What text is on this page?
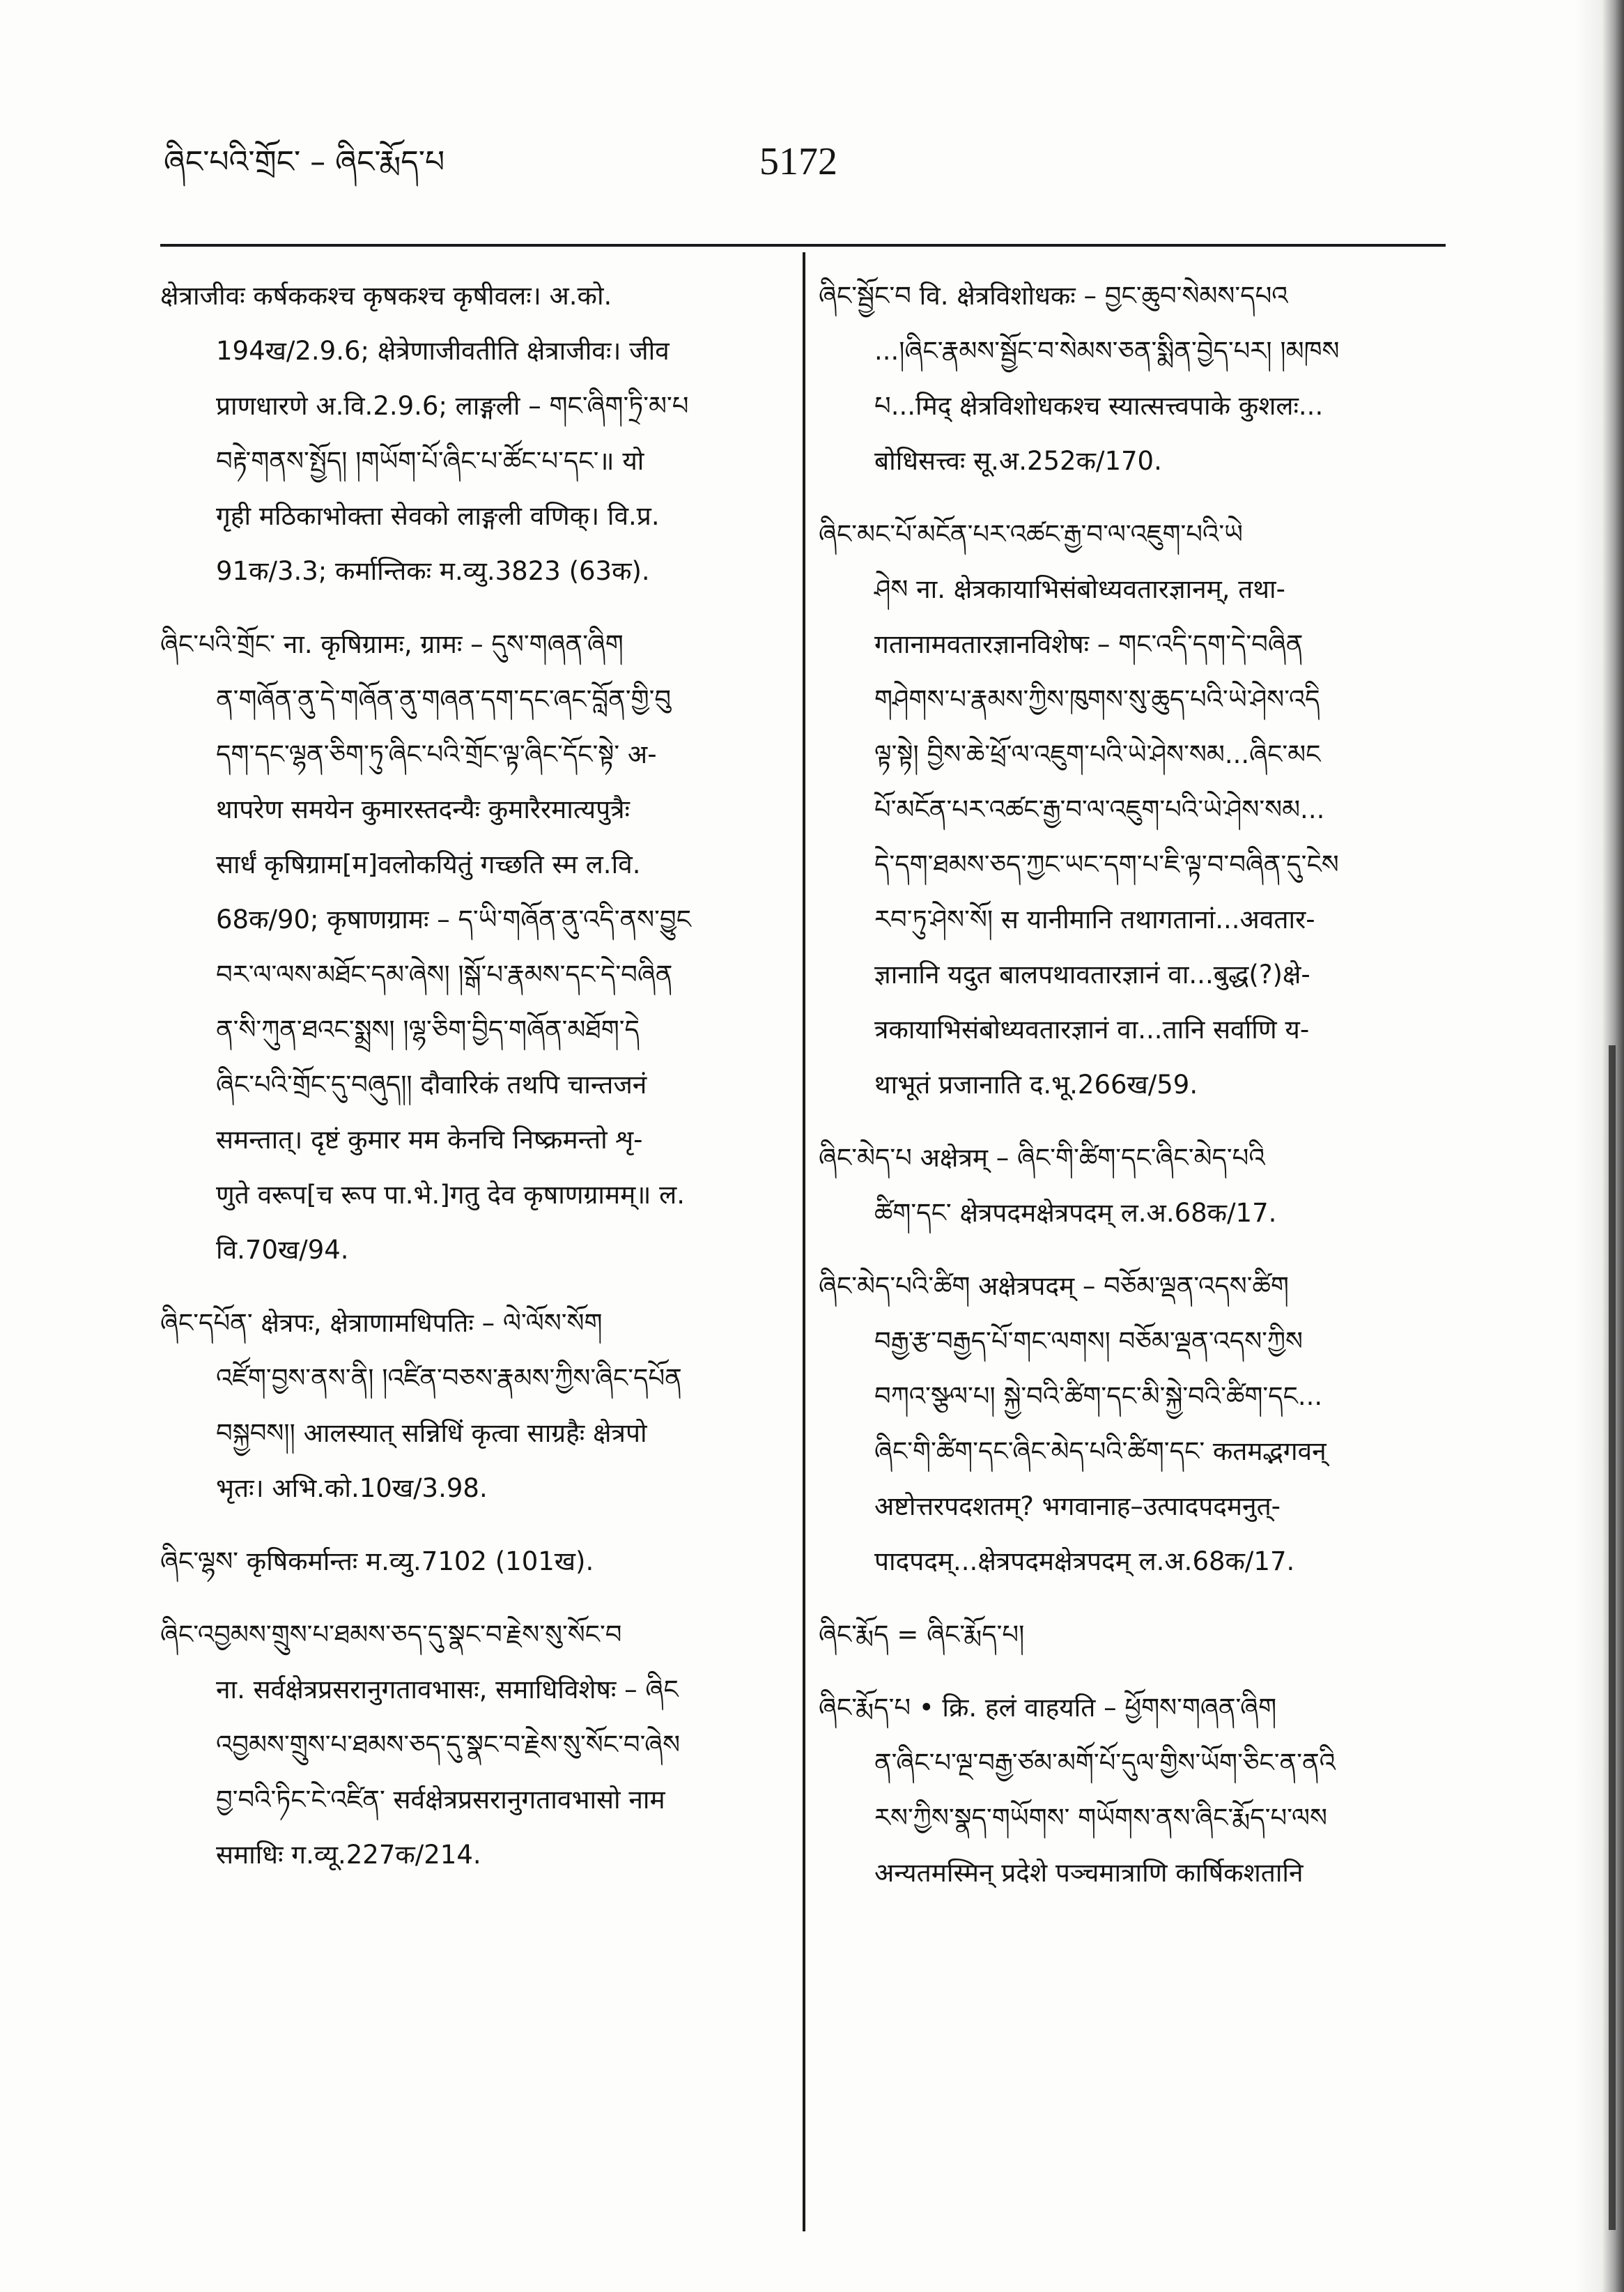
ཞིང་པའི་གྲོང་ – ཞིང་རྨོད་པ	5172
क्षेत्राजीवः कर्षककश्च कृषकश्च कृषीवलः। अ.को.
194ख/2.9.6; क्षेत्रेणाजीवतीति क्षेत्राजीवः। जीव
प्राणधारणे अ.वि.2.9.6; लाङ्गली – གང་ཞིག་ཏྲི་མ་པ
བརྟེ་གནས་སྤྱོད། །གཡོག་པོ་ཞིང་པ་ཚོང་པ་དང་॥ यो
गृही मठिकाभोक्ता सेवको लाङ्गली वणिक्। वि.प्र.
91क/3.3; कर्मान्तिकः म.व्यु.3823 (63क).
ཞིང་པའི་གྲོང་ ना. कृषिग्रामः, ग्रामः – དུས་གཞན་ཞིག
ན་གཞོན་ནུ་དེ་གཞོན་ནུ་གཞན་དག་དང་ཞང་བློན་གྱི་བུ
དག་དང་ལྷན་ཅིག་ཏུ་ཞིང་པའི་གྲོང་ལྟ་ཞིང་དོང་སྟེ་ अ-
थापरेण समयेन कुमारस्तदन्यैः कुमारैरमात्यपुत्रैः
सार्धं कृषिग्राम[म]वलोकयितुं गच्छति स्म ल.वि.
68क/90; कृषाणग्रामः – ད་ཡི་གཞོན་ནུ་འདི་ནས་བྱུང
བར་ལ་ལས་མཐོང་དམ་ཞེས། །སྒོ་པ་རྣམས་དང་དེ་བཞིན
ན་སི་ཀུན་ཐའང་སྨྲས། །ལྷ་ཅིག་བྱིད་གཞོན་མཐོག་དེ
ཞིང་པའི་གྲོང་དུ་བཞུད།། दौवारिकं तथपि चान्तजनं
समन्तात्। दृष्टं कुमार मम केनचि निष्क्रमन्तो शृ-
णुते वरूप[च रूप पा.भे.]गतु देव कृषाणग्रामम्॥ ल.
वि.70ख/94.
ཞིང་དཔོན་ क्षेत्रपः, क्षेत्राणामधिपतिः – ལེ་ལོས་སོག
འཛོག་བྱས་ནས་ནི། །འཛིན་བཅས་རྣམས་ཀྱིས་ཞིང་དཔོན
བསྐྱབས།། आलस्यात् सन्निधिं कृत्वा साग्रहैः क्षेत्रपो
भृतः। अभि.को.10ख/3.98.
ཞིང་ལྷས་ कृषिकर्मान्तः म.व्यु.7102 (101ख).
ཞིང་འབྱམས་གྲུས་པ་ཐམས་ཅད་དུ་སྣང་བ་རྗེས་སུ་སོང་བ
ना. सर्वक्षेत्रप्रसरानुगतावभासः, समाधिविशेषः – ཞིང
འབྱམས་གྲུས་པ་ཐམས་ཅད་དུ་སྣང་བ་རྗེས་སུ་སོང་བ་ཞེས
བྱ་བའི་ཏིང་ངེ་འཛིན་ सर्वक्षेत्रप्रसरानुगतावभासो नाम
समाधिः ग.व्यू.227क/214.
ཞིང་སྦྱོང་བ वि. क्षेत्रविशोधकः – བྱང་ཆུབ་སེམས་དཔའ
...།ཞིང་རྣམས་སྦྱོང་བ་སེམས་ཅན་སྨིན་བྱེད་པར། །མཁས
པ...मिद् क्षेत्रविशोधकश्च स्यात्सत्त्वपाके कुशलः...
बोधिसत्त्वः सू.अ.252क/170.
ཞིང་མང་པོ་མངོན་པར་འཚང་རྒྱ་བ་ལ་འཇུག་པའི་ཡེ
ཤེས ना. क्षेत्रकायाभिसंबोध्यवतारज्ञानम्, तथा-
गतानामवतारज्ञानविशेषः – གང་འདི་དག་དེ་བཞིན
གཤེགས་པ་རྣམས་ཀྱིས་ཁུགས་སུ་ཆུད་པའི་ཡེ་ཤེས་འདི
ལྟ་སྟེ། བྱིས་ཆེ་ཕྲོ་ལ་འཇུག་པའི་ཡེ་ཤེས་སམ...ཞིང་མང
པོ་མངོན་པར་འཚང་རྒྱ་བ་ལ་འཇུག་པའི་ཡེ་ཤེས་སམ...
དེ་དག་ཐམས་ཅད་ཀྱང་ཡང་དག་པ་ཇི་ལྟ་བ་བཞིན་དུ་ངེས
རབ་ཏུ་ཤེས་སོ། स यानीमानि तथागतानां...अवतार-
ज्ञानानि यदुत बालपथावतारज्ञानं वा...बुद्ध(?)क्षे-
त्रकायाभिसंबोध्यवतारज्ञानं वा...तानि सर्वाणि य-
थाभूतं प्रजानाति द.भू.266ख/59.
ཞིང་མེད་པ अक्षेत्रम् – ཞིང་གི་ཚིག་དང་ཞིང་མེད་པའི
ཚིག་དང་ क्षेत्रपदमक्षेत्रपदम् ल.अ.68क/17.
ཞིང་མེད་པའི་ཚིག अक्षेत्रपदम् – བཅོམ་ལྡན་འདས་ཚིག
བརྒྱ་རྩ་བརྒྱད་པོ་གང་ལགས། བཅོམ་ལྡན་འདས་ཀྱིས
བཀའ་སྩལ་པ། སྐྱེ་བའི་ཚིག་དང་མི་སྐྱེ་བའི་ཚིག་དང...
ཞིང་གི་ཚིག་དང་ཞིང་མེད་པའི་ཚིག་དང་ कतमद्भगवन्
अष्टोत्तरपदशतम्? भगवानाह–उत्पादपदमनुत्-
पादपदम्...क्षेत्रपदमक्षेत्रपदम् ल.अ.68क/17.
ཞིང་རྨོད = ཞིང་རྨོད་པ།
ཞིང་རྨོད་པ • क्रि. हलं वाहयति – ཕྱོགས་གཞན་ཞིག
ན་ཞིང་པ་ལྔ་བརྒྱ་ཙམ་མགོ་པོ་དུལ་གྱིས་ཡོག་ཅིང་ན་ནའི
རས་ཀྱིས་སྣད་གཡོགས་ གཡོགས་ནས་ཞིང་རྨོད་པ་ལས
अन्यतमस्मिन् प्रदेशे पञ्चमात्राणि कार्षिकशतानि
